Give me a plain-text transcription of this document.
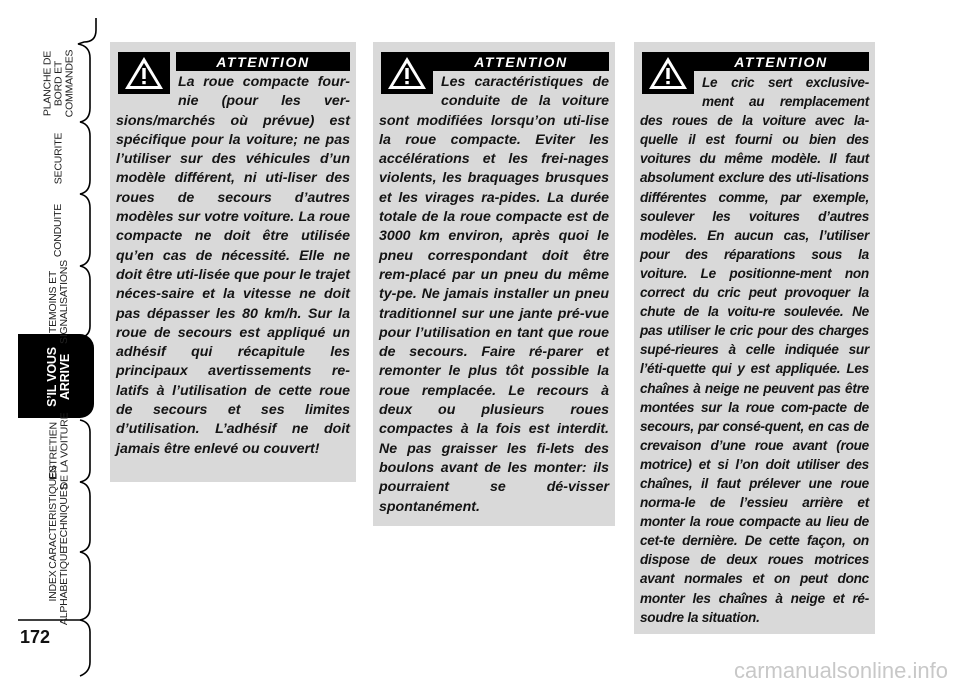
PLANCHE DE
BORD ET
COMMANDES
SECURITE
CONDUITE
TEMOINS ET
SIGNALISATIONS
S’IL VOUS
ARRIVE
ENTRETIEN
DE LA VOITURE
CARACTERISTIQUES
TECHNIQUES
INDEX
ALPHABETIQUE
172
ATTENTION
La roue compacte four-nie (pour les ver-sions/marchés où prévue) est spécifique pour la voiture; ne pas l’utiliser sur des véhicules d’un modèle différent, ni uti-liser des roues de secours d’autres modèles sur votre voiture. La roue compacte ne doit être utilisée qu’en cas de nécessité. Elle ne doit être uti-lisée que pour le trajet néces-saire et la vitesse ne doit pas dépasser les 80 km/h. Sur la roue de secours est appliqué un adhésif qui récapitule les principaux avertissements re-latifs à l’utilisation de cette roue de secours et ses limites d’utilisation. L’adhésif ne doit jamais être enlevé ou couvert!
ATTENTION
Les caractéristiques de conduite de la voiture sont modifiées lorsqu’on uti-lise la roue compacte. Eviter les accélérations et les frei-nages violents, les braquages brusques et les virages ra-pides. La durée totale de la roue compacte est de 3000 km environ, après quoi le pneu correspondant doit être rem-placé par un pneu du même ty-pe. Ne jamais installer un pneu traditionnel sur une jante pré-vue pour l’utilisation en tant que roue de secours. Faire ré-parer et remonter le plus tôt possible la roue remplacée. Le recours à deux ou plusieurs roues compactes à la fois est interdit. Ne pas graisser les fi-lets des boulons avant de les monter: ils pourraient se dé-visser spontanément.
ATTENTION
Le cric sert exclusive-ment au remplacement des roues de la voiture avec la-quelle il est fourni ou bien des voitures du même modèle. Il faut absolument exclure des uti-lisations différentes comme, par exemple, soulever les voitures d’autres modèles. En aucun cas, l’utiliser pour des réparations sous la voiture. Le positionne-ment non correct du cric peut provoquer la chute de la voitu-re soulevée. Ne pas utiliser le cric pour des charges supé-rieures à celle indiquée sur l’éti-quette qui y est appliquée. Les chaînes à neige ne peuvent pas être montées sur la roue com-pacte de secours, par consé-quent, en cas de crevaison d’une roue avant (roue motrice) et si l’on doit utiliser des chaînes, il faut prélever une roue norma-le de l’essieu arrière et monter la roue compacte au lieu de cet-te dernière. De cette façon, on dispose de deux roues motrices avant normales et on peut donc monter les chaînes à neige et ré-soudre la situation.
carmanualsonline.info
